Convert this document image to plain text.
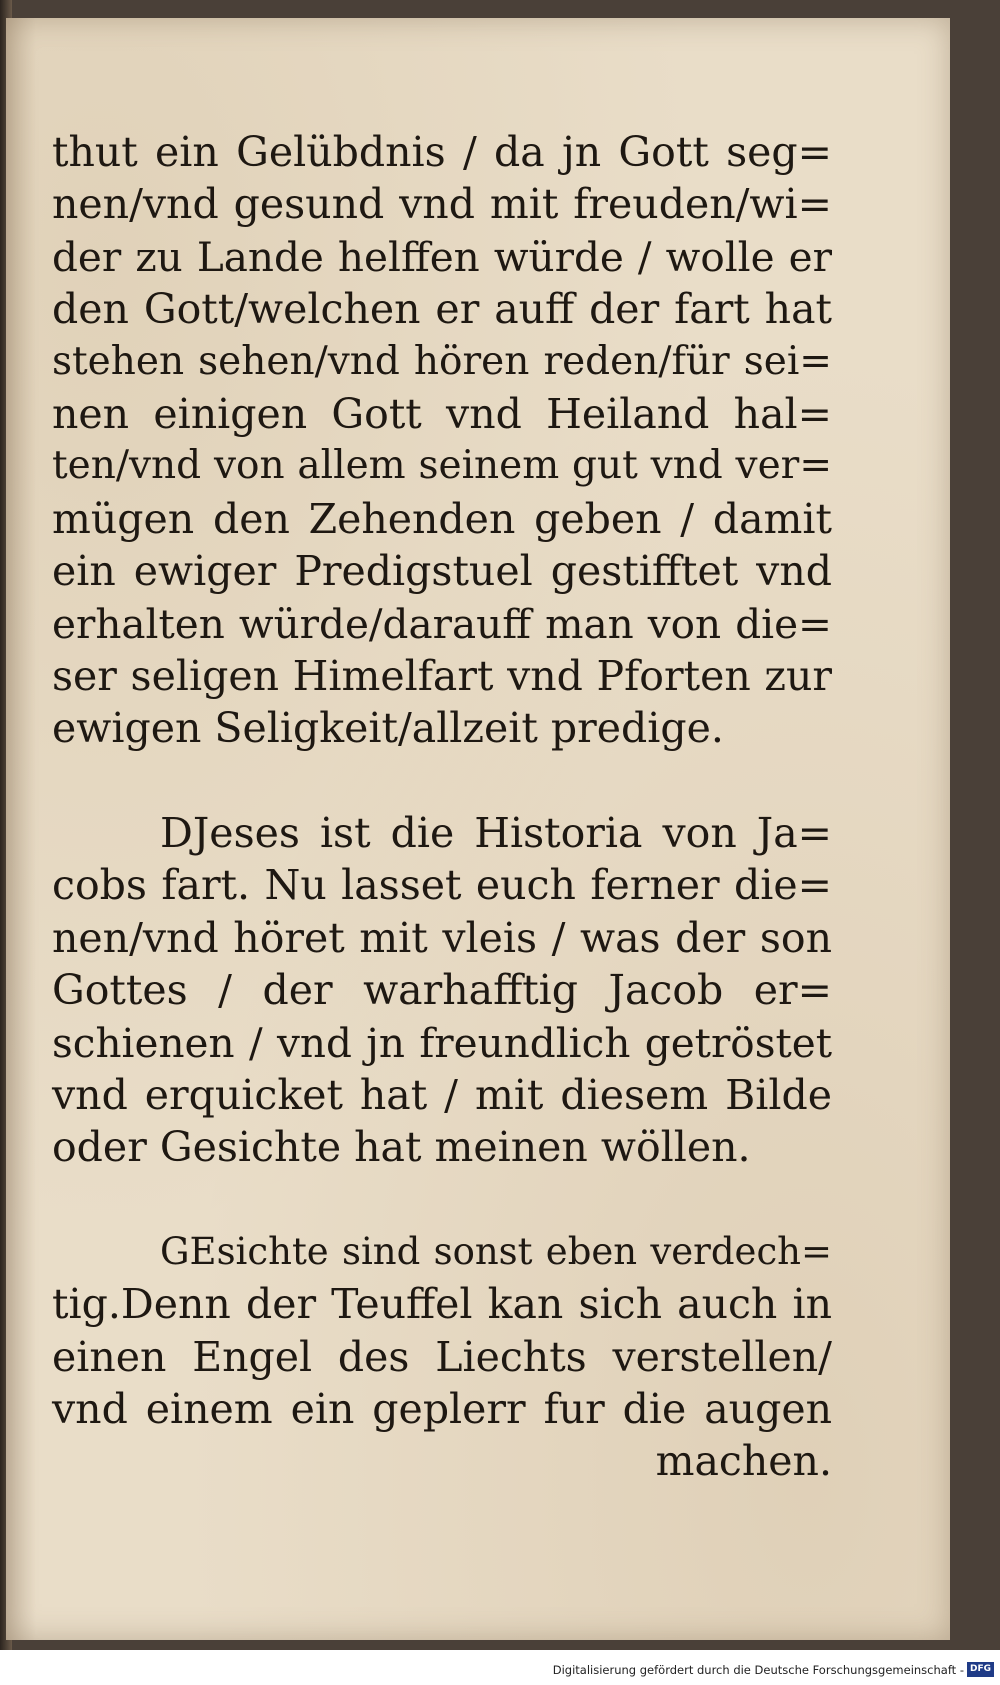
thut ein Gelübdnis / da jn Gott seg=
nen/vnd gesund vnd mit freuden/wi=
der zu Lande helffen würde / wolle er
den Gott/welchen er auff der fart hat
stehen sehen/vnd hören reden/für sei=
nen einigen Gott vnd Heiland hal=
ten/vnd von allem seinem gut vnd ver=
mügen den Zehenden geben / damit
ein ewiger Predigstuel gestifftet vnd
erhalten würde/darauff man von die=
ser seligen Himelfart vnd Pforten zur
ewigen Seligkeit/allzeit predige.
DJeses ist die Historia von Ja=
cobs fart. Nu lasset euch ferner die=
nen/vnd höret mit vleis / was der son
Gottes / der warhafftig Jacob er=
schienen / vnd jn freundlich getröstet
vnd erquicket hat / mit diesem Bilde
oder Gesichte hat meinen wöllen.
GEsichte sind sonst eben verdech=
tig.Denn der Teuffel kan sich auch in
einen Engel des Liechts verstellen/
vnd einem ein geplerr fur die augen
machen.
Digitalisierung gefördert durch die Deutsche Forschungsgemeinschaft - DFG
